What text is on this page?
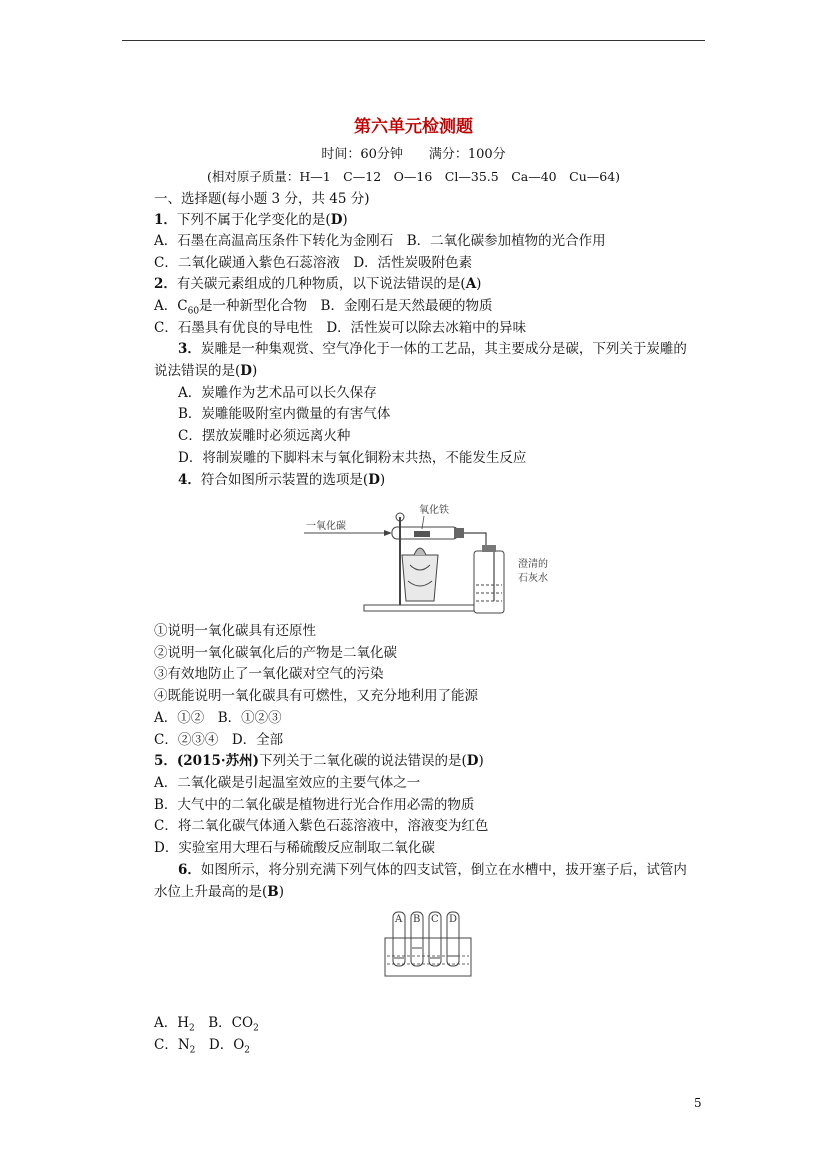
第六单元检测题
时间：60分钟　　满分：100分
(相对原子质量：H—1　C—12　O—16　Cl—35.5　Ca—40　Cu—64)
一、选择题(每小题 3 分，共 45 分)
1．下列不属于化学变化的是(D)
A．石墨在高温高压条件下转化为金刚石　B．二氧化碳参加植物的光合作用
C．二氧化碳通入紫色石蕊溶液　D．活性炭吸附色素
2．有关碳元素组成的几种物质，以下说法错误的是(A)
A．$C_{60}$是一种新型化合物　B．金刚石是天然最硬的物质
C．石墨具有优良的导电性　D．活性炭可以除去冰箱中的异味
3．炭雕是一种集观赏、空气净化于一体的工艺品，其主要成分是碳，下列关于炭雕的
说法错误的是(D)
A．炭雕作为艺术品可以长久保存
B．炭雕能吸附室内微量的有害气体
C．摆放炭雕时必须远离火种
D．将制炭雕的下脚料末与氧化铜粉末共热，不能发生反应
4．符合如图所示装置的选项是(D)
一氧化碳
氧化铁
澄清的
石灰水
①说明一氧化碳具有还原性
②说明一氧化碳氧化后的产物是二氧化碳
③有效地防止了一氧化碳对空气的污染
④既能说明一氧化碳具有可燃性，又充分地利用了能源
A．①②　B．①②③
C．②③④　D．全部
5．(2015·苏州)下列关于二氧化碳的说法错误的是(D)
A．二氧化碳是引起温室效应的主要气体之一
B．大气中的二氧化碳是植物进行光合作用必需的物质
C．将二氧化碳气体通入紫色石蕊溶液中，溶液变为红色
D．实验室用大理石与稀硫酸反应制取二氧化碳
6．如图所示，将分别充满下列气体的四支试管，倒立在水槽中，拔开塞子后，试管内
水位上升最高的是(B)
A B C D
A．$H_2$　B．$CO_2$
C．$N_2$　D．$O_2$
5
